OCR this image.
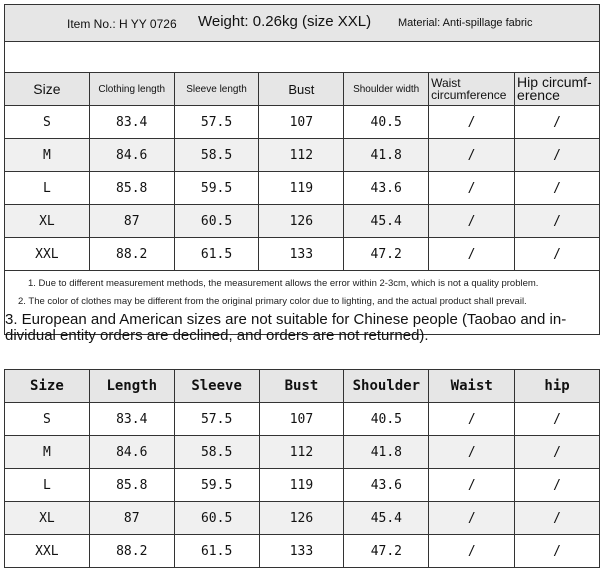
Item No.: H YY 0726 Weight: 0.26kg (size XXL) Material: Anti-spillage fabric
Size	Clothing length	Sleeve length	Bust	Shoulder width	Waist circumference	Hip circumf-erence
S	83.4	57.5	107	40.5	/	/
M	84.6	58.5	112	41.8	/	/
L	85.8	59.5	119	43.6	/	/
XL	87	60.5	126	45.4	/	/
XXL	88.2	61.5	133	47.2	/	/
1. Due to different measurement methods, the measurement allows the error within 2-3cm, which is not a quality problem.
2. The color of clothes may be different from the original primary color due to lighting, and the actual product shall prevail.
3. European and American sizes are not suitable for Chinese people (Taobao and in-dividual entity orders are declined, and orders are not returned).
Size	Length	Sleeve	Bust	Shoulder	Waist	hip
S	83.4	57.5	107	40.5	/	/
M	84.6	58.5	112	41.8	/	/
L	85.8	59.5	119	43.6	/	/
XL	87	60.5	126	45.4	/	/
XXL	88.2	61.5	133	47.2	/	/
